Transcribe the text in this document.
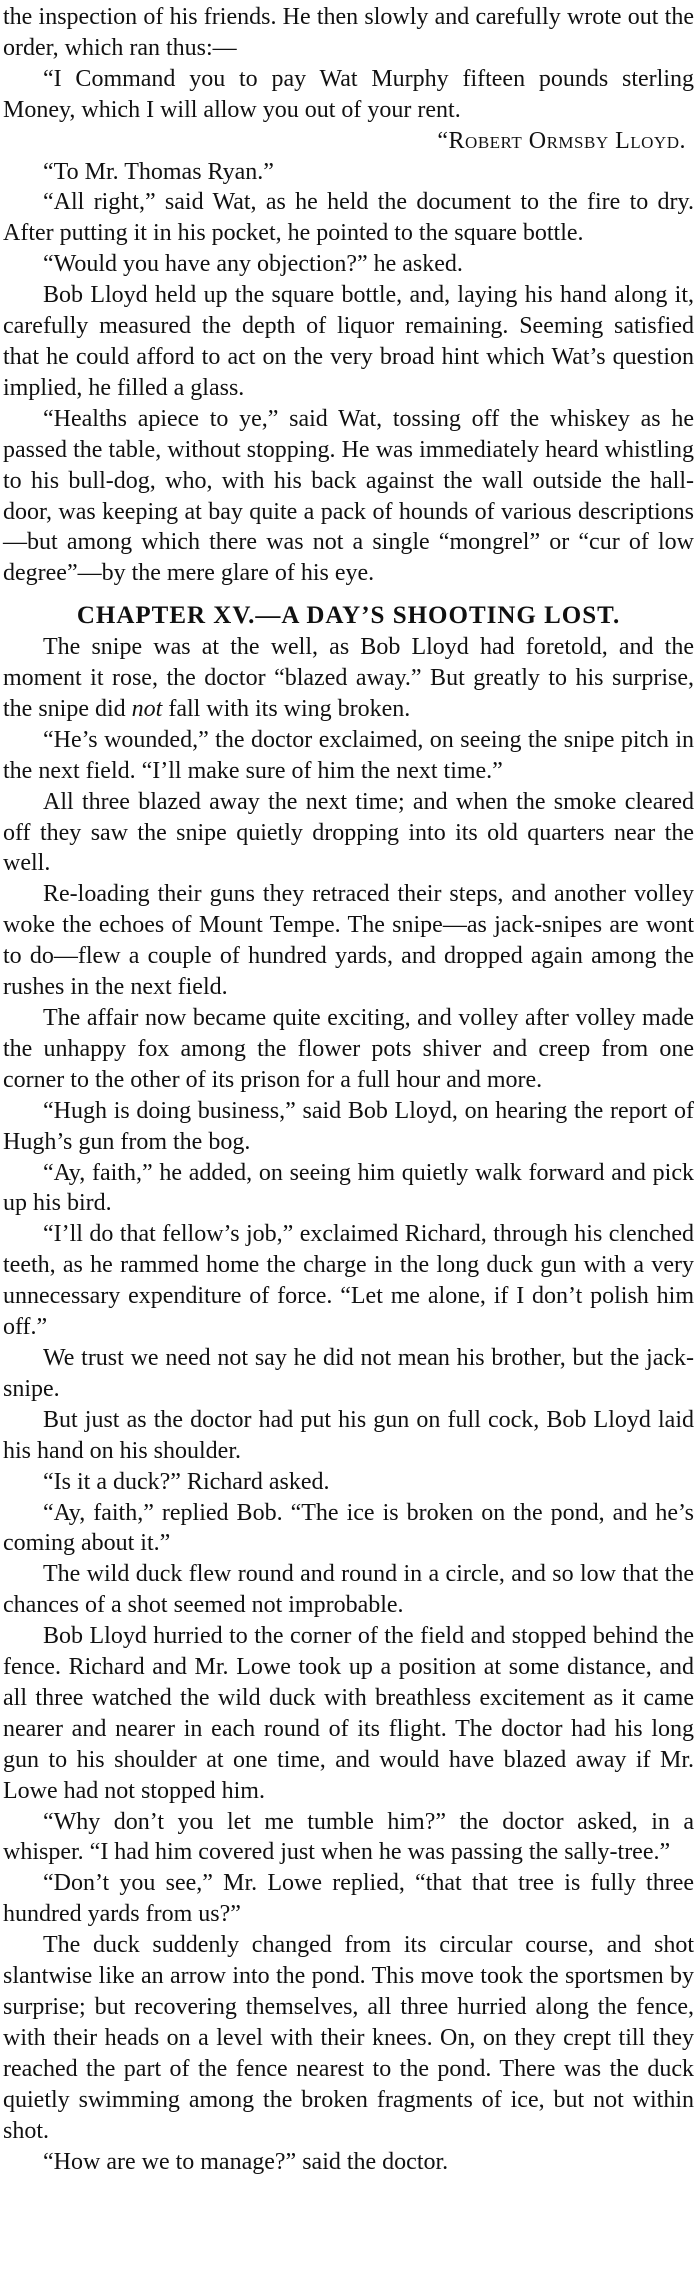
the inspection of his friends. He then slowly and carefully wrote out the order, which ran thus:—

“I Command you to pay Wat Murphy fifteen pounds sterling Money, which I will allow you out of your rent.

“Robert Ormsby Lloyd.

“To Mr. Thomas Ryan.”

“All right,” said Wat, as he held the document to the fire to dry. After putting it in his pocket, he pointed to the square bottle.

“Would you have any objection?” he asked.

Bob Lloyd held up the square bottle, and, laying his hand along it, carefully measured the depth of liquor remaining. Seeming satisfied that he could afford to act on the very broad hint which Wat’s question implied, he filled a glass.

“Healths apiece to ye,” said Wat, tossing off the whiskey as he passed the table, without stopping. He was immediately heard whistling to his bull-dog, who, with his back against the wall outside the hall-door, was keeping at bay quite a pack of hounds of various descriptions—but among which there was not a single “mongrel” or “cur of low degree”—by the mere glare of his eye.

CHAPTER XV.—A DAY’S SHOOTING LOST.

The snipe was at the well, as Bob Lloyd had foretold, and the moment it rose, the doctor “blazed away.” But greatly to his surprise, the snipe did not fall with its wing broken.

“He’s wounded,” the doctor exclaimed, on seeing the snipe pitch in the next field. “I’ll make sure of him the next time.”

All three blazed away the next time; and when the smoke cleared off they saw the snipe quietly dropping into its old quarters near the well.

Re-loading their guns they retraced their steps, and another volley woke the echoes of Mount Tempe. The snipe—as jack-snipes are wont to do—flew a couple of hundred yards, and dropped again among the rushes in the next field.

The affair now became quite exciting, and volley after volley made the unhappy fox among the flower pots shiver and creep from one corner to the other of its prison for a full hour and more.

“Hugh is doing business,” said Bob Lloyd, on hearing the report of Hugh’s gun from the bog.

“Ay, faith,” he added, on seeing him quietly walk forward and pick up his bird.

“I’ll do that fellow’s job,” exclaimed Richard, through his clenched teeth, as he rammed home the charge in the long duck gun with a very unnecessary expenditure of force. “Let me alone, if I don’t polish him off.”

We trust we need not say he did not mean his brother, but the jack-snipe.

But just as the doctor had put his gun on full cock, Bob Lloyd laid his hand on his shoulder.

“Is it a duck?” Richard asked.

“Ay, faith,” replied Bob. “The ice is broken on the pond, and he’s coming about it.”

The wild duck flew round and round in a circle, and so low that the chances of a shot seemed not improbable.

Bob Lloyd hurried to the corner of the field and stopped behind the fence. Richard and Mr. Lowe took up a position at some distance, and all three watched the wild duck with breathless excitement as it came nearer and nearer in each round of its flight. The doctor had his long gun to his shoulder at one time, and would have blazed away if Mr. Lowe had not stopped him.

“Why don’t you let me tumble him?” the doctor asked, in a whisper. “I had him covered just when he was passing the sally-tree.”

“Don’t you see,” Mr. Lowe replied, “that that tree is fully three hundred yards from us?”

The duck suddenly changed from its circular course, and shot slantwise like an arrow into the pond. This move took the sportsmen by surprise; but recovering themselves, all three hurried along the fence, with their heads on a level with their knees. On, on they crept till they reached the part of the fence nearest to the pond. There was the duck quietly swimming among the broken fragments of ice, but not within shot.

“How are we to manage?” said the doctor.
